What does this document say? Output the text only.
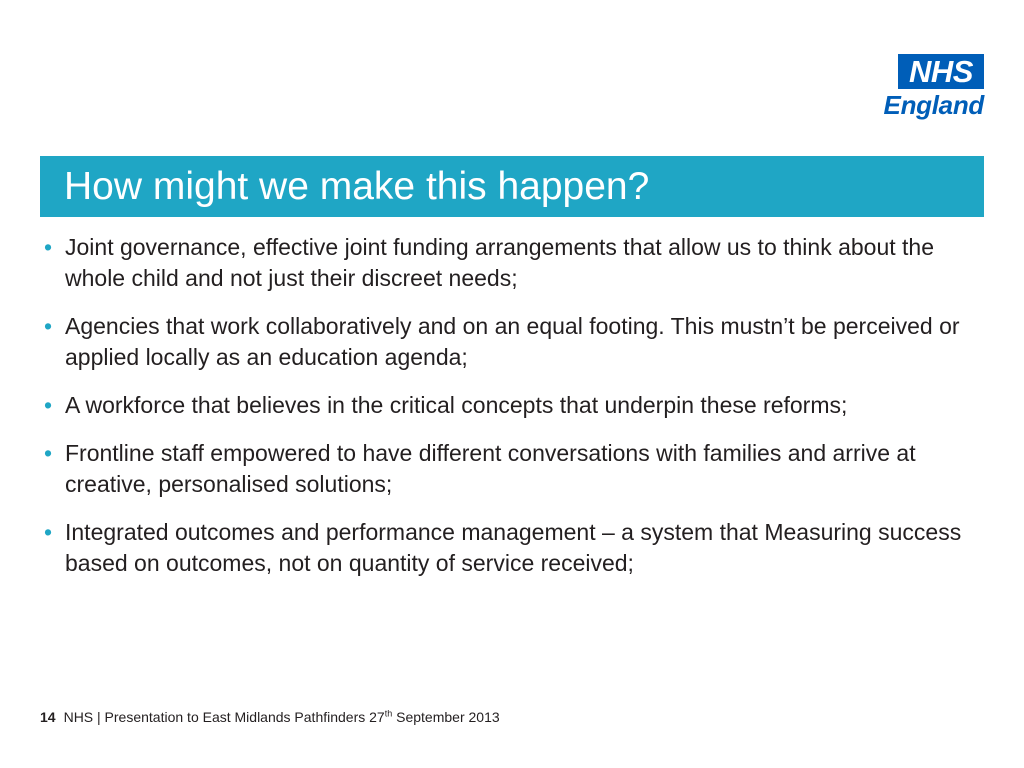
NHS
England
How might we make this happen?
• Joint governance, effective joint funding arrangements that allow us to think about the whole child and not just their discreet needs;
• Agencies that work collaboratively and on an equal footing. This mustn’t be perceived or applied locally as an education agenda;
• A workforce that believes in the critical concepts that underpin these reforms;
• Frontline staff empowered to have different conversations with families and arrive at creative, personalised solutions;
• Integrated outcomes and performance management – a system that Measuring success based on outcomes, not on quantity of service received;
14 NHS | Presentation to East Midlands Pathfinders 27th September 2013
